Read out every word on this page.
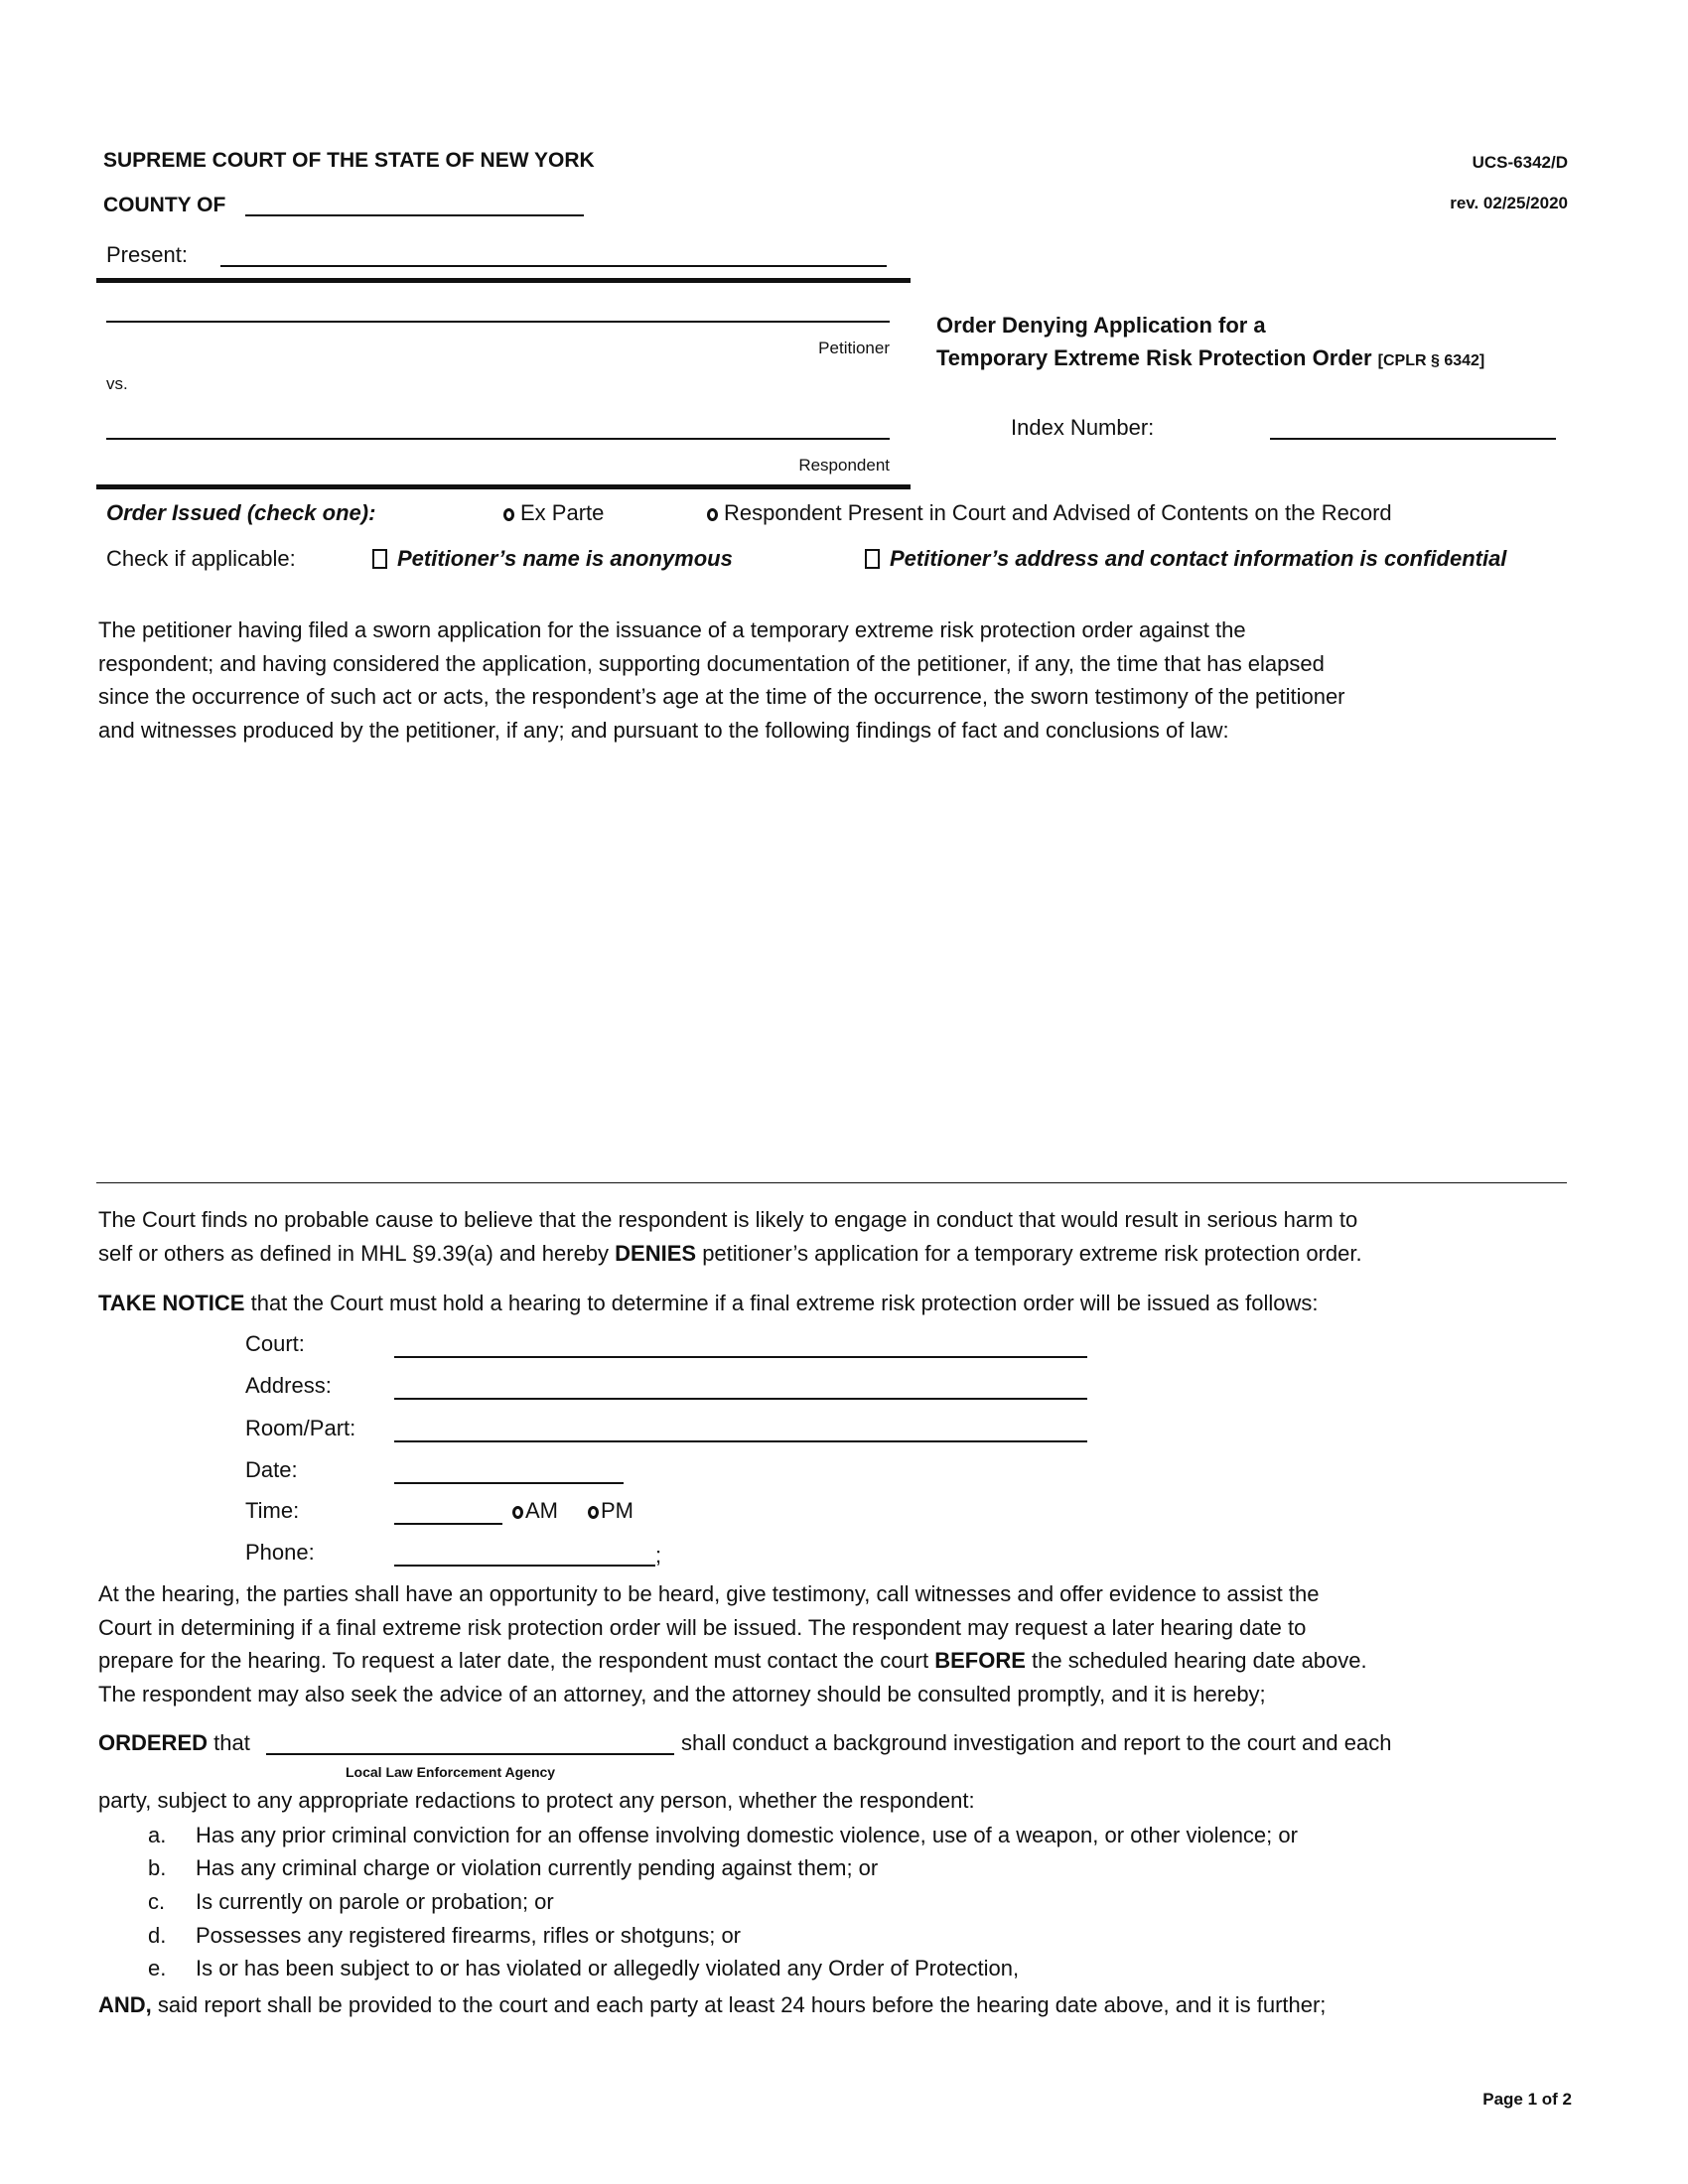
SUPREME COURT OF THE STATE OF NEW YORK
COUNTY OF
UCS-6342/D
rev. 02/25/2020
Present:
Petitioner
vs.
Respondent
Order Denying Application for a
Temporary Extreme Risk Protection Order [CPLR § 6342]
Index Number:
Order Issued (check one):	Ex Parte	Respondent Present in Court and Advised of Contents on the Record
Check if applicable:	Petitioner’s name is anonymous	Petitioner’s address and contact information is confidential
The petitioner having filed a sworn application for the issuance of a temporary extreme risk protection order against the
respondent; and having considered the application, supporting documentation of the petitioner, if any, the time that has elapsed
since the occurrence of such act or acts, the respondent’s age at the time of the occurrence, the sworn testimony of the petitioner
and witnesses produced by the petitioner, if any; and pursuant to the following findings of fact and conclusions of law:
The Court finds no probable cause to believe that the respondent is likely to engage in conduct that would result in serious harm to
self or others as defined in MHL §9.39(a) and hereby DENIES petitioner’s application for a temporary extreme risk protection order.
TAKE NOTICE that the Court must hold a hearing to determine if a final extreme risk protection order will be issued as follows:
Court:
Address:
Room/Part:
Date:
Time:	AM	PM
Phone:	;
At the hearing, the parties shall have an opportunity to be heard, give testimony, call witnesses and offer evidence to assist the
Court in determining if a final extreme risk protection order will be issued. The respondent may request a later hearing date to
prepare for the hearing. To request a later date, the respondent must contact the court BEFORE the scheduled hearing date above.
The respondent may also seek the advice of an attorney, and the attorney should be consulted promptly, and it is hereby;
ORDERED that	shall conduct a background investigation and report to the court and each
Local Law Enforcement Agency
party, subject to any appropriate redactions to protect any person, whether the respondent:
a. Has any prior criminal conviction for an offense involving domestic violence, use of a weapon, or other violence; or
b. Has any criminal charge or violation currently pending against them; or
c. Is currently on parole or probation; or
d. Possesses any registered firearms, rifles or shotguns; or
e. Is or has been subject to or has violated or allegedly violated any Order of Protection,
AND, said report shall be provided to the court and each party at least 24 hours before the hearing date above, and it is further;
Page 1 of 2
